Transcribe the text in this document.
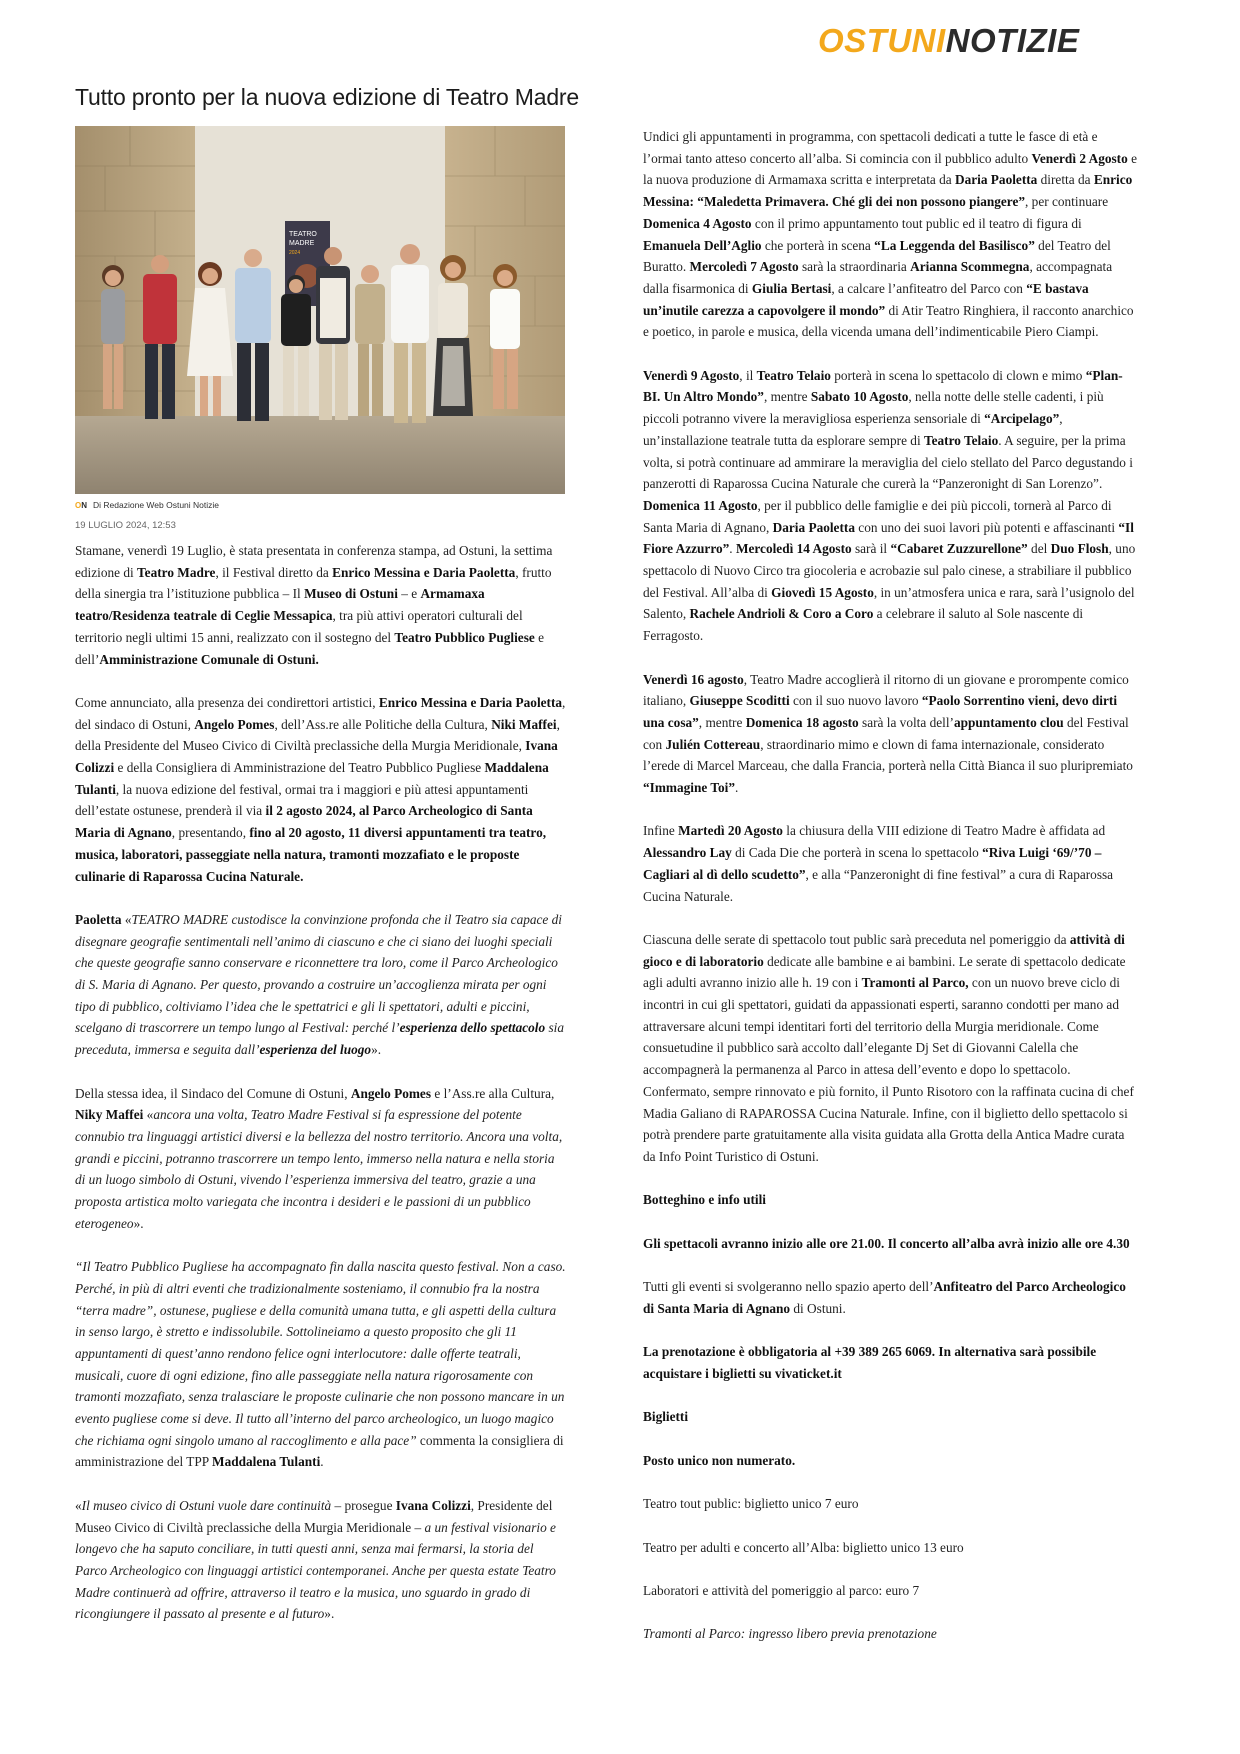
OSTUNINOTIZIE
Tutto pronto per la nuova edizione di Teatro Madre
TEATRO
MADRE
2024
ON Di Redazione Web Ostuni Notizie
19 LUGLIO 2024, 12:53

Stamane, venerdì 19 Luglio, è stata presentata in conferenza stampa, ad Ostuni, la settima edizione di Teatro Madre, il Festival diretto da Enrico Messina e Daria Paoletta, frutto della sinergia tra l’istituzione pubblica – Il Museo di Ostuni – e Armamaxa teatro/Residenza teatrale di Ceglie Messapica, tra più attivi operatori culturali del territorio negli ultimi 15 anni, realizzato con il sostegno del Teatro Pubblico Pugliese e dell’Amministrazione Comunale di Ostuni.

Come annunciato, alla presenza dei condirettori artistici, Enrico Messina e Daria Paoletta, del sindaco di Ostuni, Angelo Pomes, dell’Ass.re alle Politiche della Cultura, Niki Maffei, della Presidente del Museo Civico di Civiltà preclassiche della Murgia Meridionale, Ivana Colizzi e della Consigliera di Amministrazione del Teatro Pubblico Pugliese Maddalena Tulanti, la nuova edizione del festival, ormai tra i maggiori e più attesi appuntamenti dell’estate ostunese, prenderà il via il 2 agosto 2024, al Parco Archeologico di Santa Maria di Agnano, presentando, fino al 20 agosto, 11 diversi appuntamenti tra teatro, musica, laboratori, passeggiate nella natura, tramonti mozzafiato e le proposte culinarie di Raparossa Cucina Naturale.

Paoletta «TEATRO MADRE custodisce la convinzione profonda che il Teatro sia capace di disegnare geografie sentimentali nell’animo di ciascuno e che ci siano dei luoghi speciali che queste geografie sanno conservare e riconnettere tra loro, come il Parco Archeologico di S. Maria di Agnano. Per questo, provando a costruire un’accoglienza mirata per ogni tipo di pubblico, coltiviamo l’idea che le spettatrici e gli li spettatori, adulti e piccini, scelgano di trascorrere un tempo lungo al Festival: perché l’esperienza dello spettacolo sia preceduta, immersa e seguita dall’esperienza del luogo».

Della stessa idea, il Sindaco del Comune di Ostuni, Angelo Pomes e l’Ass.re alla Cultura, Niky Maffei «ancora una volta, Teatro Madre Festival si fa espressione del potente connubio tra linguaggi artistici diversi e la bellezza del nostro territorio. Ancora una volta, grandi e piccini, potranno trascorrere un tempo lento, immerso nella natura e nella storia di un luogo simbolo di Ostuni, vivendo l’esperienza immersiva del teatro, grazie a una proposta artistica molto variegata che incontra i desideri e le passioni di un pubblico eterogeneo».

“Il Teatro Pubblico Pugliese ha accompagnato fin dalla nascita questo festival. Non a caso. Perché, in più di altri eventi che tradizionalmente sosteniamo, il connubio fra la nostra “terra madre”, ostunese, pugliese e della comunità umana tutta, e gli aspetti della cultura in senso largo, è stretto e indissolubile. Sottolineiamo a questo proposito che gli 11 appuntamenti di quest’anno rendono felice ogni interlocutore: dalle offerte teatrali, musicali, cuore di ogni edizione, fino alle passeggiate nella natura rigorosamente con tramonti mozzafiato, senza tralasciare le proposte culinarie che non possono mancare in un evento pugliese come si deve. Il tutto all’interno del parco archeologico, un luogo magico che richiama ogni singolo umano al raccoglimento e alla pace” commenta la consigliera di amministrazione del TPP Maddalena Tulanti.

«Il museo civico di Ostuni vuole dare continuità – prosegue Ivana Colizzi, Presidente del Museo Civico di Civiltà preclassiche della Murgia Meridionale – a un festival visionario e longevo che ha saputo conciliare, in tutti questi anni, senza mai fermarsi, la storia del Parco Archeologico con linguaggi artistici contemporanei. Anche per questa estate Teatro Madre continuerà ad offrire, attraverso il teatro e la musica, uno sguardo in grado di ricongiungere il passato al presente e al futuro».

Undici gli appuntamenti in programma, con spettacoli dedicati a tutte le fasce di età e l’ormai tanto atteso concerto all’alba. Si comincia con il pubblico adulto Venerdì 2 Agosto e la nuova produzione di Armamaxa scritta e interpretata da Daria Paoletta diretta da Enrico Messina: “Maledetta Primavera. Ché gli dei non possono piangere”, per continuare Domenica 4 Agosto con il primo appuntamento tout public ed il teatro di figura di Emanuela Dell’Aglio che porterà in scena “La Leggenda del Basilisco” del Teatro del Buratto. Mercoledì 7 Agosto sarà la straordinaria Arianna Scommegna, accompagnata dalla fisarmonica di Giulia Bertasi, a calcare l’anfiteatro del Parco con “E bastava un’inutile carezza a capovolgere il mondo” di Atir Teatro Ringhiera, il racconto anarchico e poetico, in parole e musica, della vicenda umana dell’indimenticabile Piero Ciampi.

Venerdì 9 Agosto, il Teatro Telaio porterà in scena lo spettacolo di clown e mimo “Plan-BI. Un Altro Mondo”, mentre Sabato 10 Agosto, nella notte delle stelle cadenti, i più piccoli potranno vivere la meravigliosa esperienza sensoriale di “Arcipelago”, un’installazione teatrale tutta da esplorare sempre di Teatro Telaio. A seguire, per la prima volta, si potrà continuare ad ammirare la meraviglia del cielo stellato del Parco degustando i panzerotti di Raparossa Cucina Naturale che curerà la “Panzeronight di San Lorenzo”. Domenica 11 Agosto, per il pubblico delle famiglie e dei più piccoli, tornerà al Parco di Santa Maria di Agnano, Daria Paoletta con uno dei suoi lavori più potenti e affascinanti “Il Fiore Azzurro”. Mercoledì 14 Agosto sarà il “Cabaret Zuzzurellone” del Duo Flosh, uno spettacolo di Nuovo Circo tra giocoleria e acrobazie sul palo cinese, a strabiliare il pubblico del Festival. All’alba di Giovedì 15 Agosto, in un’atmosfera unica e rara, sarà l’usignolo del Salento, Rachele Andrioli & Coro a Coro a celebrare il saluto al Sole nascente di Ferragosto.

Venerdì 16 agosto, Teatro Madre accoglierà il ritorno di un giovane e prorompente comico italiano, Giuseppe Scoditti con il suo nuovo lavoro “Paolo Sorrentino vieni, devo dirti una cosa”, mentre Domenica 18 agosto sarà la volta dell’appuntamento clou del Festival con Julién Cottereau, straordinario mimo e clown di fama internazionale, considerato l’erede di Marcel Marceau, che dalla Francia, porterà nella Città Bianca il suo pluripremiato “Immagine Toi”.

Infine Martedì 20 Agosto la chiusura della VIII edizione di Teatro Madre è affidata ad Alessandro Lay di Cada Die che porterà in scena lo spettacolo “Riva Luigi ‘69/’70 – Cagliari al dì dello scudetto”, e alla “Panzeronight di fine festival” a cura di Raparossa Cucina Naturale.

Ciascuna delle serate di spettacolo tout public sarà preceduta nel pomeriggio da attività di gioco e di laboratorio dedicate alle bambine e ai bambini. Le serate di spettacolo dedicate agli adulti avranno inizio alle h. 19 con i Tramonti al Parco, con un nuovo breve ciclo di incontri in cui gli spettatori, guidati da appassionati esperti, saranno condotti per mano ad attraversare alcuni tempi identitari forti del territorio della Murgia meridionale. Come consuetudine il pubblico sarà accolto dall’elegante Dj Set di Giovanni Calella che accompagnerà la permanenza al Parco in attesa dell’evento e dopo lo spettacolo. Confermato, sempre rinnovato e più fornito, il Punto Risotoro con la raffinata cucina di chef Madia Galiano di RAPAROSSA Cucina Naturale. Infine, con il biglietto dello spettacolo si potrà prendere parte gratuitamente alla visita guidata alla Grotta della Antica Madre curata da Info Point Turistico di Ostuni.

Botteghino e info utili

Gli spettacoli avranno inizio alle ore 21.00. Il concerto all’alba avrà inizio alle ore 4.30

Tutti gli eventi si svolgeranno nello spazio aperto dell’Anfiteatro del Parco Archeologico di Santa Maria di Agnano di Ostuni.

La prenotazione è obbligatoria al +39 389 265 6069. In alternativa sarà possibile acquistare i biglietti su vivaticket.it

Biglietti

Posto unico non numerato.

Teatro tout public: biglietto unico 7 euro

Teatro per adulti e concerto all’Alba: biglietto unico 13 euro

Laboratori e attività del pomeriggio al parco: euro 7

Tramonti al Parco: ingresso libero previa prenotazione
